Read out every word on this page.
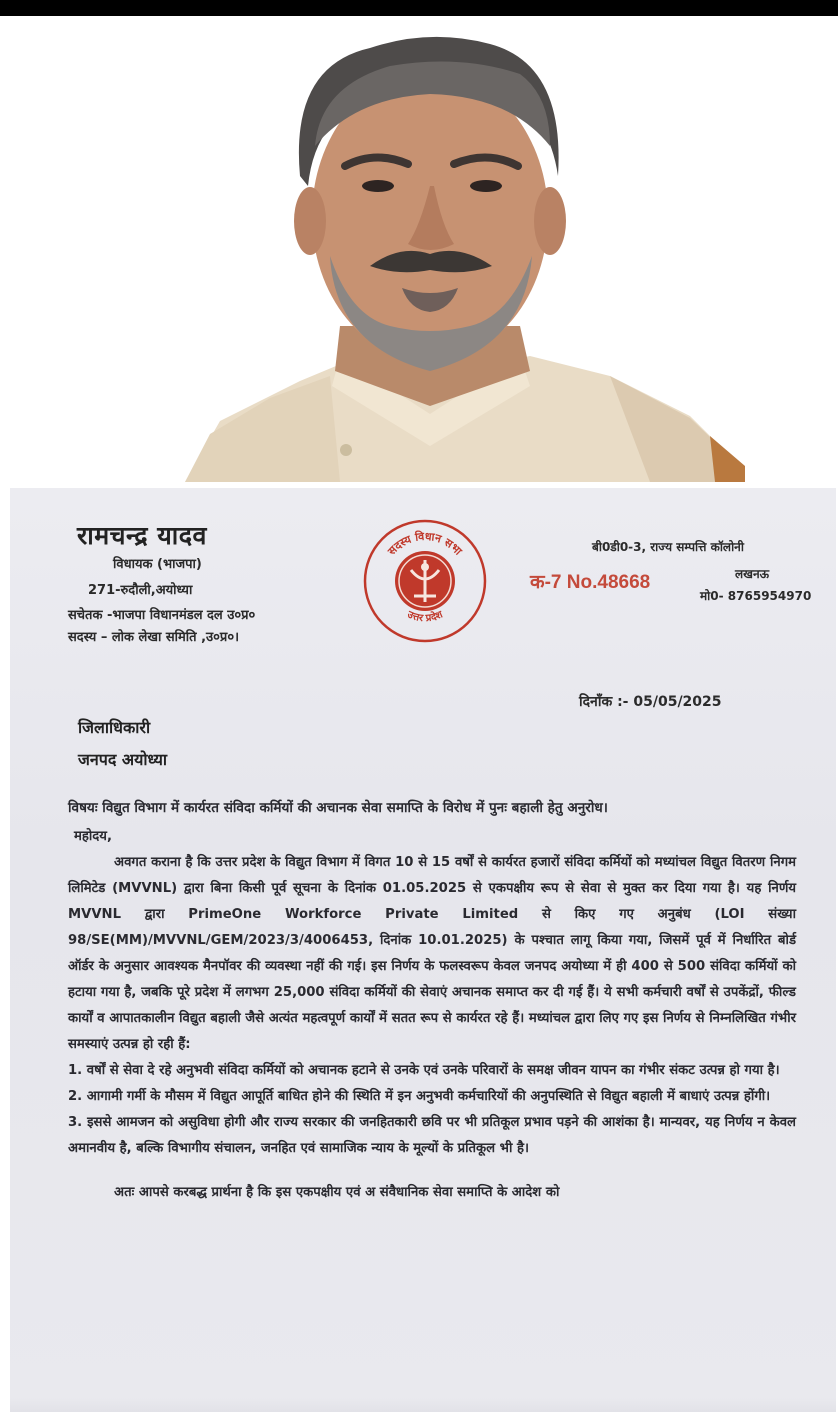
रामचन्द्र यादव
विधायक (भाजपा)
271-रुदौली,अयोध्या
सचेतक -भाजपा विधानमंडल दल उ०प्र०
सदस्य – लोक लेखा समिति ,उ०प्र०।
सदस्य विधान सभा
उत्तर प्रदेश
बी0डी0-3, राज्य सम्पत्ति कॉलोनी
लखनऊ
क-7 No.48668
मो0- 8765954970
दिनाँक :- 05/05/2025
जिलाधिकारी
जनपद अयोध्या

विषयः विद्युत विभाग में कार्यरत संविदा कर्मियों की अचानक सेवा समाप्ति के विरोध में पुनः बहाली हेतु अनुरोध।

महोदय,

अवगत कराना है कि उत्तर प्रदेश के विद्युत विभाग में विगत 10 से 15 वर्षों से कार्यरत हजारों संविदा कर्मियों को मध्यांचल विद्युत वितरण निगम लिमिटेड (MVVNL) द्वारा बिना किसी पूर्व सूचना के दिनांक 01.05.2025 से एकपक्षीय रूप से सेवा से मुक्त कर दिया गया है। यह निर्णय MVVNL द्वारा PrimeOne Workforce Private Limited से किए गए अनुबंध (LOI संख्या 98/SE(MM)/MVVNL/GEM/2023/3/4006453, दिनांक 10.01.2025) के पश्चात लागू किया गया, जिसमें पूर्व में निर्धारित बोर्ड ऑर्डर के अनुसार आवश्यक मैनपॉवर की व्यवस्था नहीं की गई। इस निर्णय के फलस्वरूप केवल जनपद अयोध्या में ही 400 से 500 संविदा कर्मियों को हटाया गया है, जबकि पूरे प्रदेश में लगभग 25,000 संविदा कर्मियों की सेवाएं अचानक समाप्त कर दी गई हैं। ये सभी कर्मचारी वर्षों से उपकेंद्रों, फील्ड कार्यों व आपातकालीन विद्युत बहाली जैसे अत्यंत महत्वपूर्ण कार्यों में सतत रूप से कार्यरत रहे हैं। मध्यांचल द्वारा लिए गए इस निर्णय से निम्नलिखित गंभीर समस्याएं उत्पन्न हो रही हैं:

1. वर्षों से सेवा दे रहे अनुभवी संविदा कर्मियों को अचानक हटाने से उनके एवं उनके परिवारों के समक्ष जीवन यापन का गंभीर संकट उत्पन्न हो गया है।

2. आगामी गर्मी के मौसम में विद्युत आपूर्ति बाधित होने की स्थिति में इन अनुभवी कर्मचारियों की अनुपस्थिति से विद्युत बहाली में बाधाएं उत्पन्न होंगी।

3. इससे आमजन को असुविधा होगी और राज्य सरकार की जनहितकारी छवि पर भी प्रतिकूल प्रभाव पड़ने की आशंका है। मान्यवर, यह निर्णय न केवल अमानवीय है, बल्कि विभागीय संचालन, जनहित एवं सामाजिक न्याय के मूल्यों के प्रतिकूल भी है।

अतः आपसे करबद्ध प्रार्थना है कि इस एकपक्षीय एवं अ संवैधानिक सेवा समाप्ति के आदेश को
